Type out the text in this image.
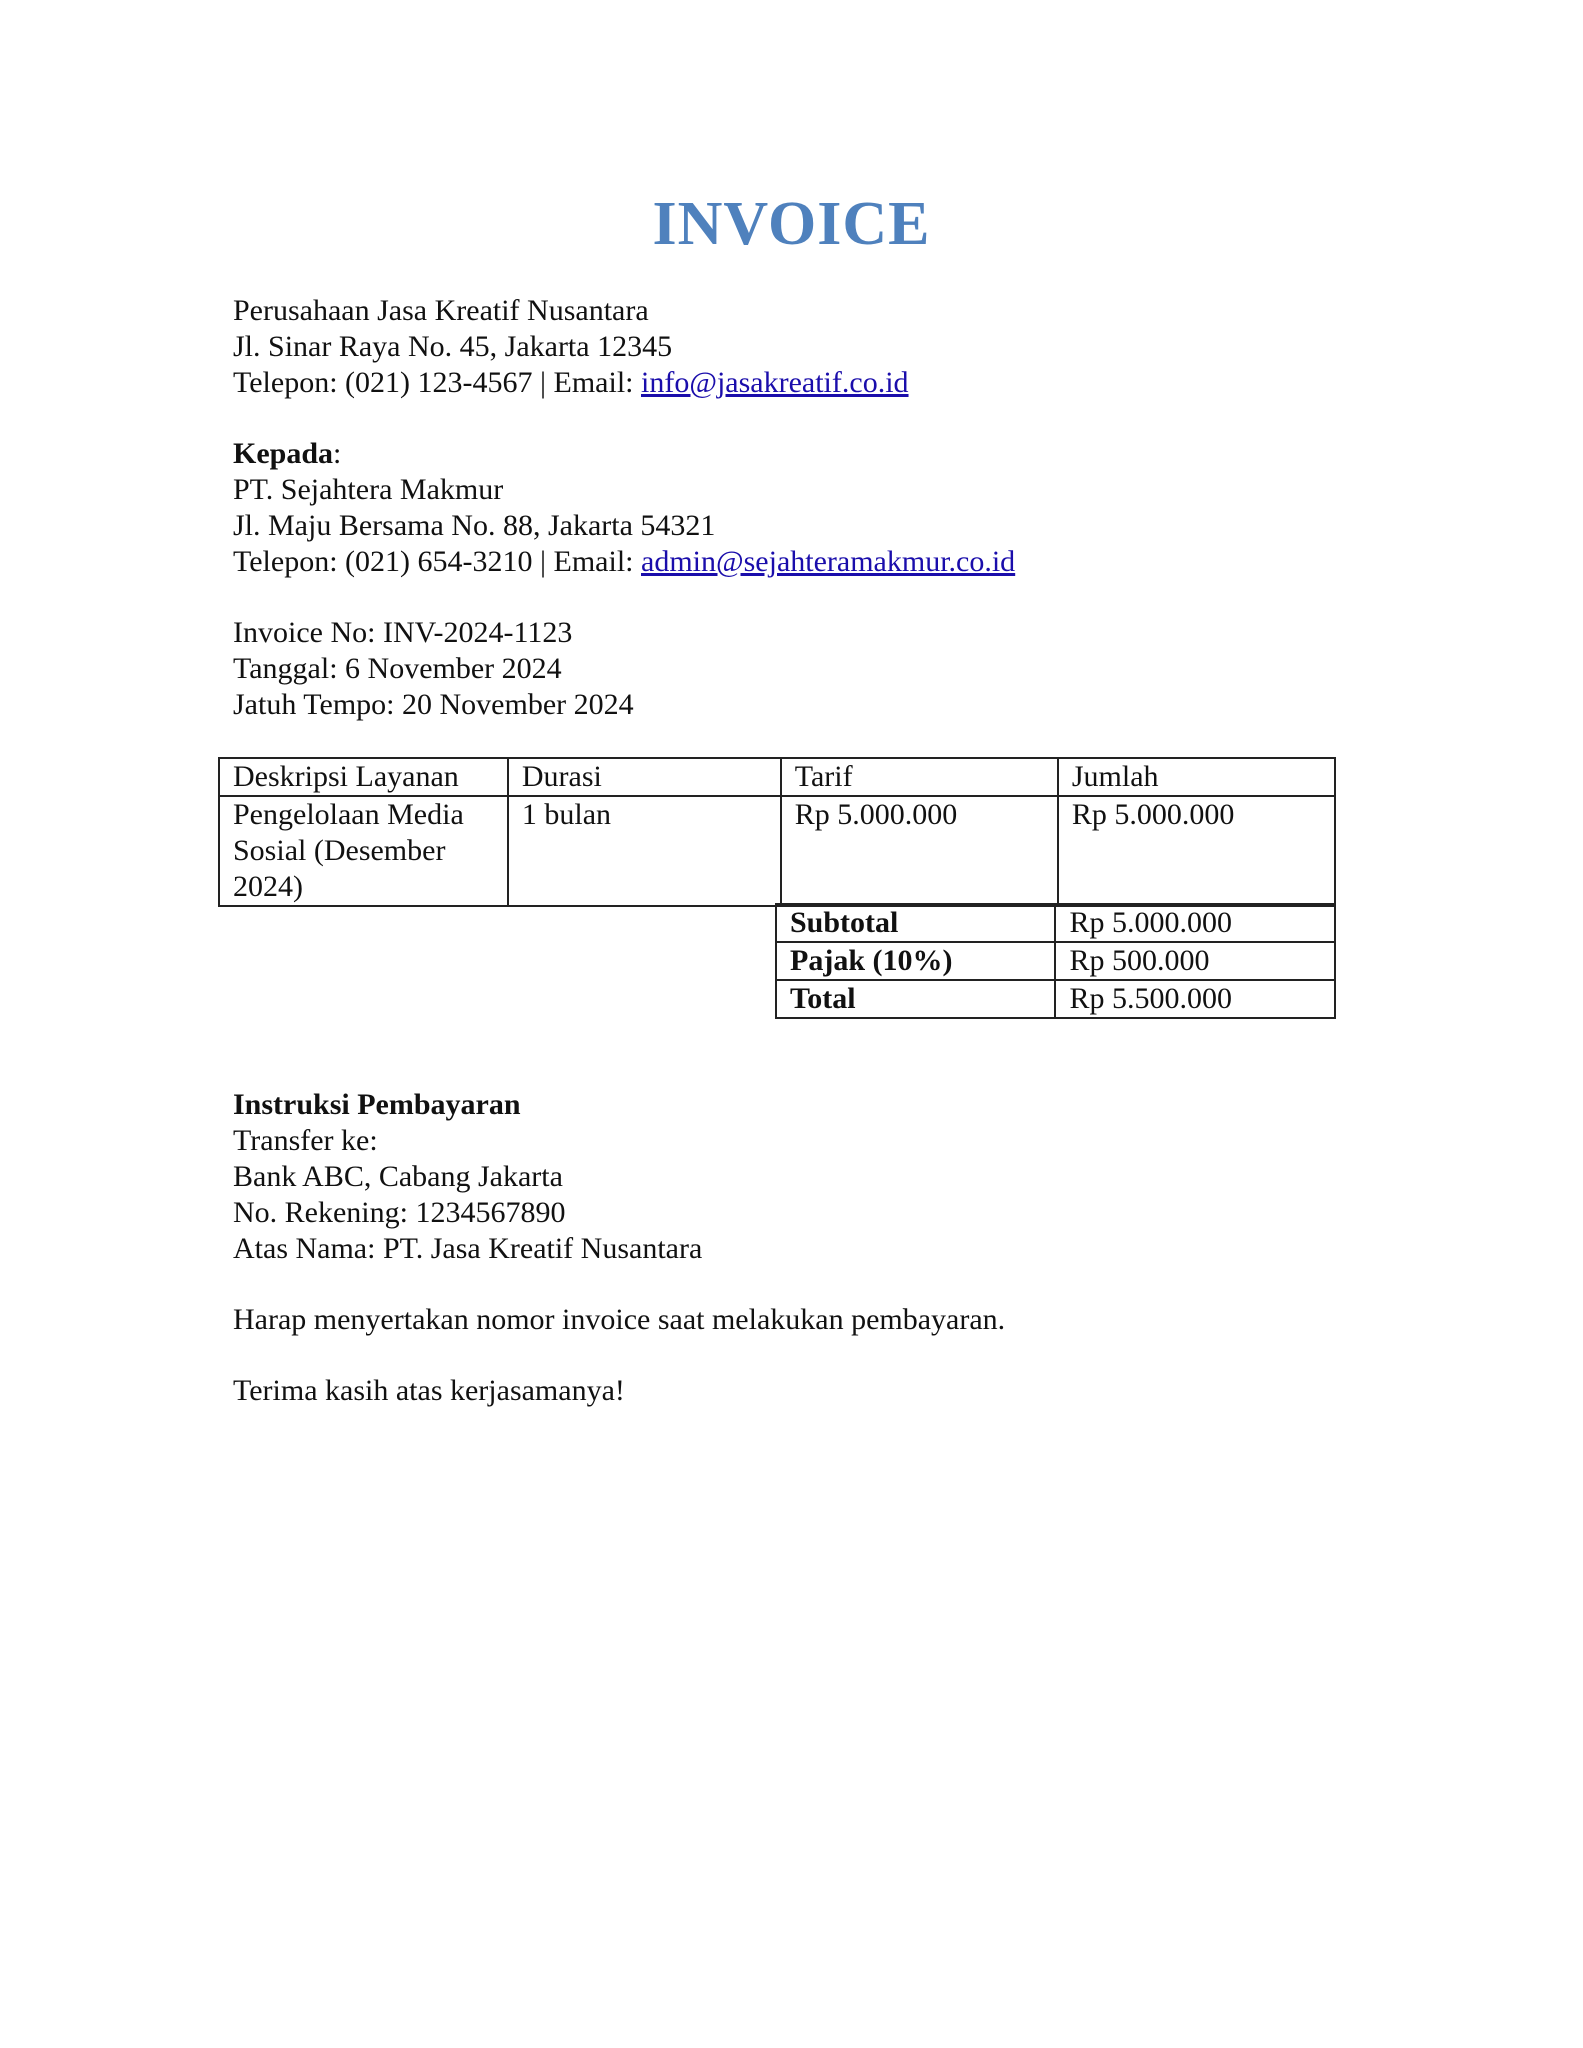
INVOICE
Perusahaan Jasa Kreatif Nusantara
Jl. Sinar Raya No. 45, Jakarta 12345
Telepon: (021) 123-4567 | Email: info@jasakreatif.co.id
Kepada:
PT. Sejahtera Makmur
Jl. Maju Bersama No. 88, Jakarta 54321
Telepon: (021) 654-3210 | Email: admin@sejahteramakmur.co.id
Invoice No: INV-2024-1123
Tanggal: 6 November 2024
Jatuh Tempo: 20 November 2024
Deskripsi Layanan	Durasi	Tarif	Jumlah

Pengelolaan Media
Sosial (Desember
2024)	1 bulan	Rp 5.000.000	Rp 5.000.000
Subtotal	Rp 5.000.000
Pajak (10%)	Rp 500.000
Total	Rp 5.500.000
Instruksi Pembayaran
Transfer ke:
Bank ABC, Cabang Jakarta
No. Rekening: 1234567890
Atas Nama: PT. Jasa Kreatif Nusantara
Harap menyertakan nomor invoice saat melakukan pembayaran.
Terima kasih atas kerjasamanya!
